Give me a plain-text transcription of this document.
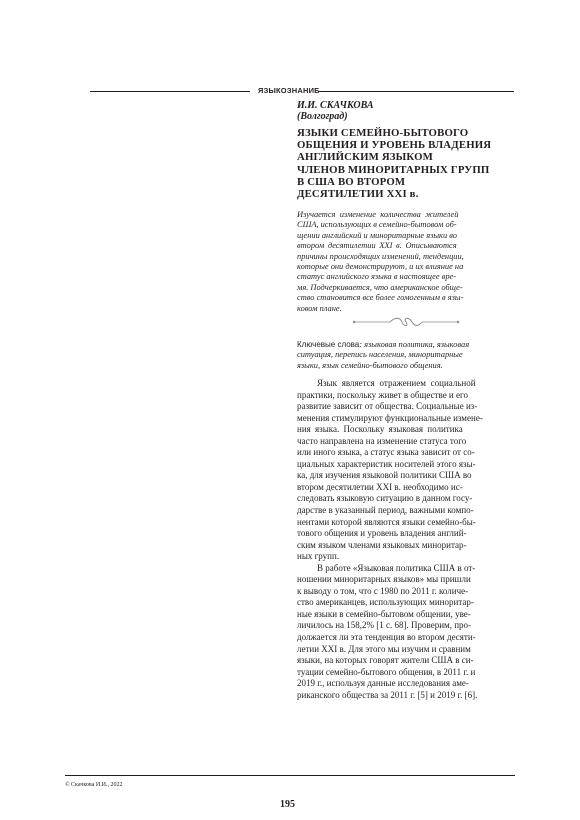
ЯЗЫКОЗНАНИЕ
И.И. СКАЧКОВА
(Волгоград)
ЯЗЫКИ СЕМЕЙНО-БЫТОВОГО
ОБЩЕНИЯ И УРОВЕНЬ ВЛАДЕНИЯ
АНГЛИЙСКИМ ЯЗЫКОМ
ЧЛЕНОВ МИНОРИТАРНЫХ ГРУПП
В США ВО ВТОРОМ
ДЕСЯТИЛЕТИИ XXI в.
Изучается изменение количества жителей
США, использующих в семейно-бытовом об-
щении английский и миноритарные языки во
втором десятилетии XXI в. Описываются
причины происходящих изменений, тенденции,
которые они демонстрируют, и их влияние на
статус английского языка в настоящее вре-
мя. Подчеркивается, что американское обще-
ство становится все более гомогенным в язы-
ковом плане.
Ключевые слова: языковая политика, языковая
ситуация, перепись населения, миноритарные
языки, язык семейно-бытового общения.
Язык является отражением социальной
практики, поскольку живет в обществе и его
развитие зависит от общества. Социальные из-
менения стимулируют функциональные измене-
ния языка. Поскольку языковая политика
часто направлена на изменение статуса того
или иного языка, а статус языка зависит от со-
циальных характеристик носителей этого язы-
ка, для изучения языковой политики США во
втором десятилетии XXI в. необходимо ис-
следовать языковую ситуацию в данном госу-
дарстве в указанный период, важными компо-
нентами которой являются языки семейно-бы-
тового общения и уровень владения англий-
ским языком членами языковых миноритар-
ных групп.
В работе «Языковая политика США в от-
ношении миноритарных языков» мы пришли
к выводу о том, что с 1980 по 2011 г. количе-
ство американцев, использующих миноритар-
ные языки в семейно-бытовом общении, уве-
личилось на 158,2% [1 с. 68]. Проверим, про-
должается ли эта тенденция во втором десяти-
летии XXI в. Для этого мы изучим и сравним
языки, на которых говорят жители США в си-
туации семейно-бытового общения, в 2011 г. и
2019 г., используя данные исследования аме-
риканского общества за 2011 г. [5] и 2019 г. [6].
© Скачкова И.И., 2022
195
